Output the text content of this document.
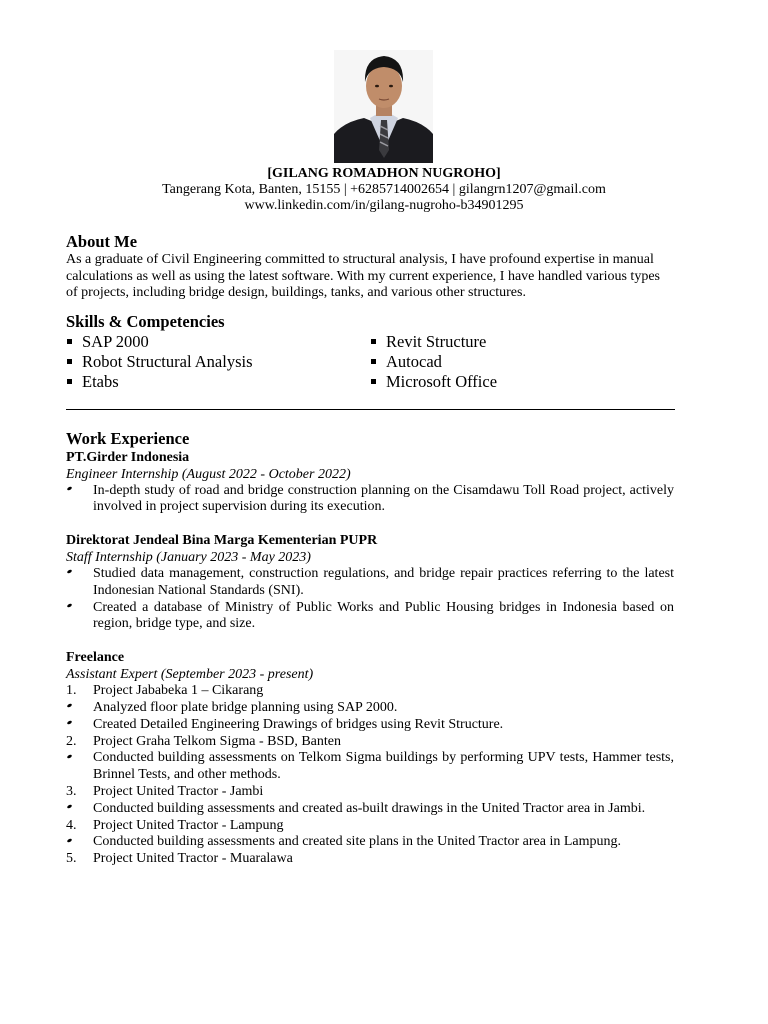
[GILANG ROMADHON NUGROHO]
Tangerang Kota, Banten, 15155 | +6285714002654 | gilangrn1207@gmail.com
www.linkedin.com/in/gilang-nugroho-b34901295
About Me

As a graduate of Civil Engineering committed to structural analysis, I have profound expertise in manual calculations as well as using the latest software. With my current experience, I have handled various types of projects, including bridge design, buildings, tanks, and various other structures.

Skills & Competencies
SAP 2000
Robot Structural Analysis
Etabs
Revit Structure
Autocad
Microsoft Office
Work Experience
PT.Girder Indonesia
Engineer Internship (August 2022 - October 2022)
In-depth study of road and bridge construction planning on the Cisamdawu Toll Road project, actively involved in project supervision during its execution.
Direktorat Jendeal Bina Marga Kementerian PUPR
Staff Internship (January 2023 - May 2023)
Studied data management, construction regulations, and bridge repair practices referring to the latest Indonesian National Standards (SNI).
Created a database of Ministry of Public Works and Public Housing bridges in Indonesia based on region, bridge type, and size.
Freelance
Assistant Expert (September 2023 - present)
1.	Project Jababeka 1 – Cikarang
Analyzed floor plate bridge planning using SAP 2000.
Created Detailed Engineering Drawings of bridges using Revit Structure.
2.	Project Graha Telkom Sigma - BSD, Banten
Conducted building assessments on Telkom Sigma buildings by performing UPV tests, Hammer tests, Brinnel Tests, and other methods.
3.	Project United Tractor - Jambi
Conducted building assessments and created as-built drawings in the United Tractor area in Jambi.
4.	Project United Tractor - Lampung
Conducted building assessments and created site plans in the United Tractor area in Lampung.
5.	Project United Tractor - Muaralawa
